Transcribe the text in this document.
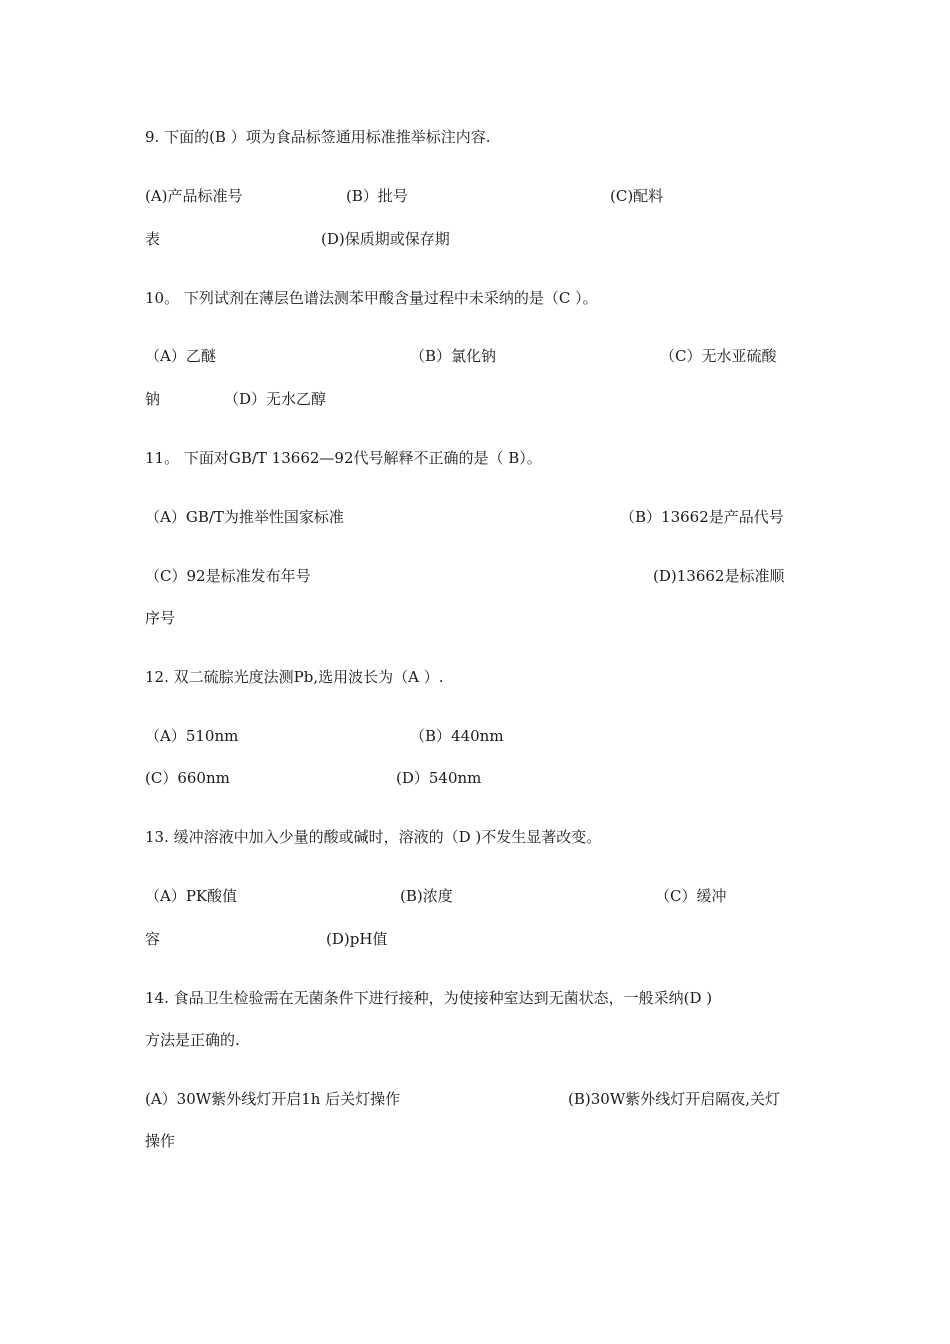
9. 下面的(B ）项为食品标签通用标准推举标注内容.
(A)产品标准号	(B）批号	(C)配料
表	(D)保质期或保存期
10。 下列试剂在薄层色谱法测苯甲酸含量过程中未采纳的是（C ）。
（A）乙醚	（B）氯化钠	（C）无水亚硫酸
钠	（D）无水乙醇
11。 下面对GB/T 13662—92代号解释不正确的是（ B）。
（A）GB/T为推举性国家标准	（B）13662是产品代号
（C）92是标准发布年号	(D)13662是标准顺
序号
12. 双二硫腙光度法测Pb,选用波长为（A ）.
（A）510nm	（B）440nm
(C）660nm	(D）540nm
13. 缓冲溶液中加入少量的酸或碱时，溶液的（D )不发生显著改变。
（A）PK酸值	(B)浓度	（C）缓冲
容	(D)pH值
14. 食品卫生检验需在无菌条件下进行接种，为使接种室达到无菌状态，一般采纳(D )
方法是正确的.
(A）30W紫外线灯开启1h 后关灯操作	(B)30W紫外线灯开启隔夜,关灯
操作
